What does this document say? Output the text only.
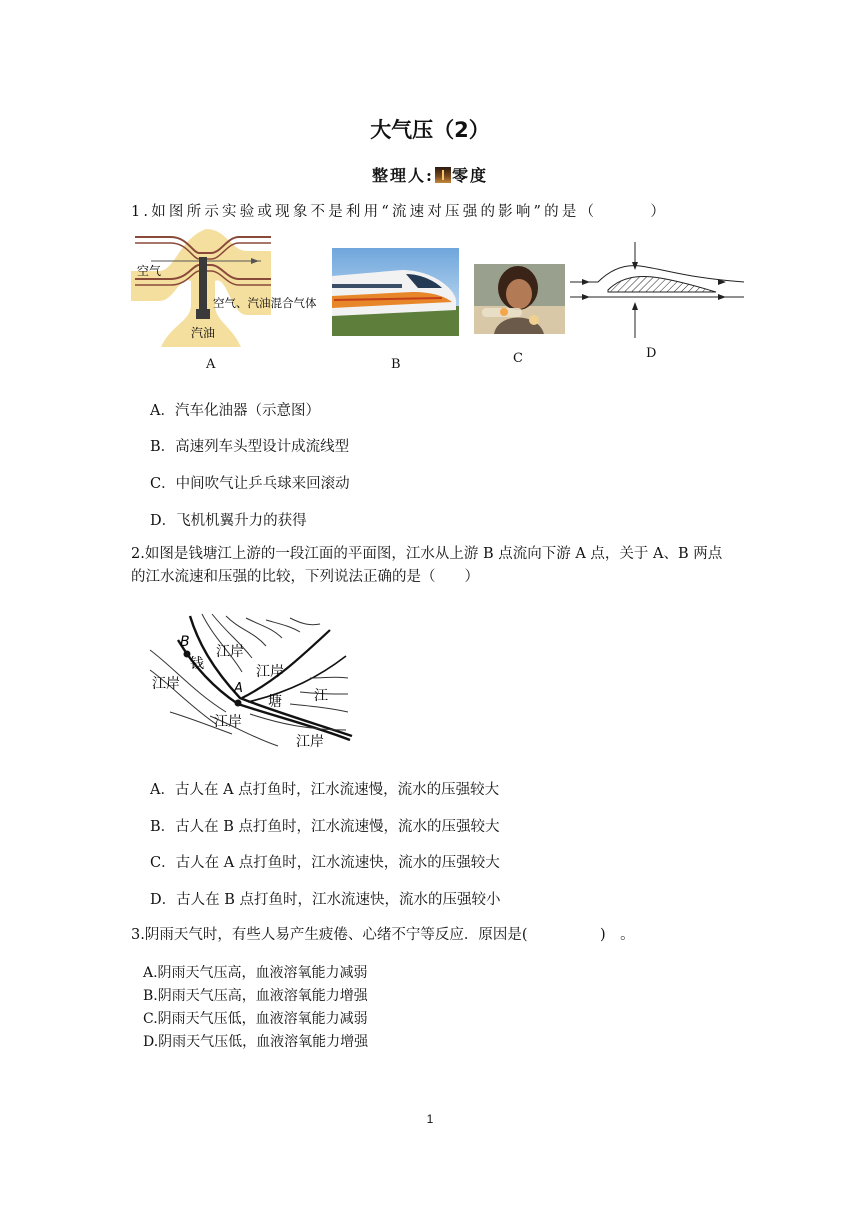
大气压（2）
整理人: 零度
1.如图所示实验或现象不是利用“流速对压强的影响”的是（　　　）
空气
空气、汽油混合气体
汽油
A	B	C	D
A．汽车化油器（示意图）
B．高速列车头型设计成流线型
C．中间吹气让乒乓球来回滚动
D．飞机机翼升力的获得
2.如图是钱塘江上游的一段江面的平面图，江水从上游 B 点流向下游 A 点，关于 A、B 两点
的江水流速和压强的比较，下列说法正确的是（　　）
B
A
江岸
江岸
江岸
江岸
江岸
钱
塘 江
A．古人在 A 点打鱼时，江水流速慢，流水的压强较大
B．古人在 B 点打鱼时，江水流速慢，流水的压强较大
C．古人在 A 点打鱼时，江水流速快，流水的压强较大
D．古人在 B 点打鱼时，江水流速快，流水的压强较小
3.阴雨天气时，有些人易产生疲倦、心绪不宁等反应．原因是(　　　　　)　。
A.阴雨天气压高，血液溶氧能力减弱
B.阴雨天气压高，血液溶氧能力增强
C.阴雨天气压低，血液溶氧能力减弱
D.阴雨天气压低，血液溶氧能力增强
1
